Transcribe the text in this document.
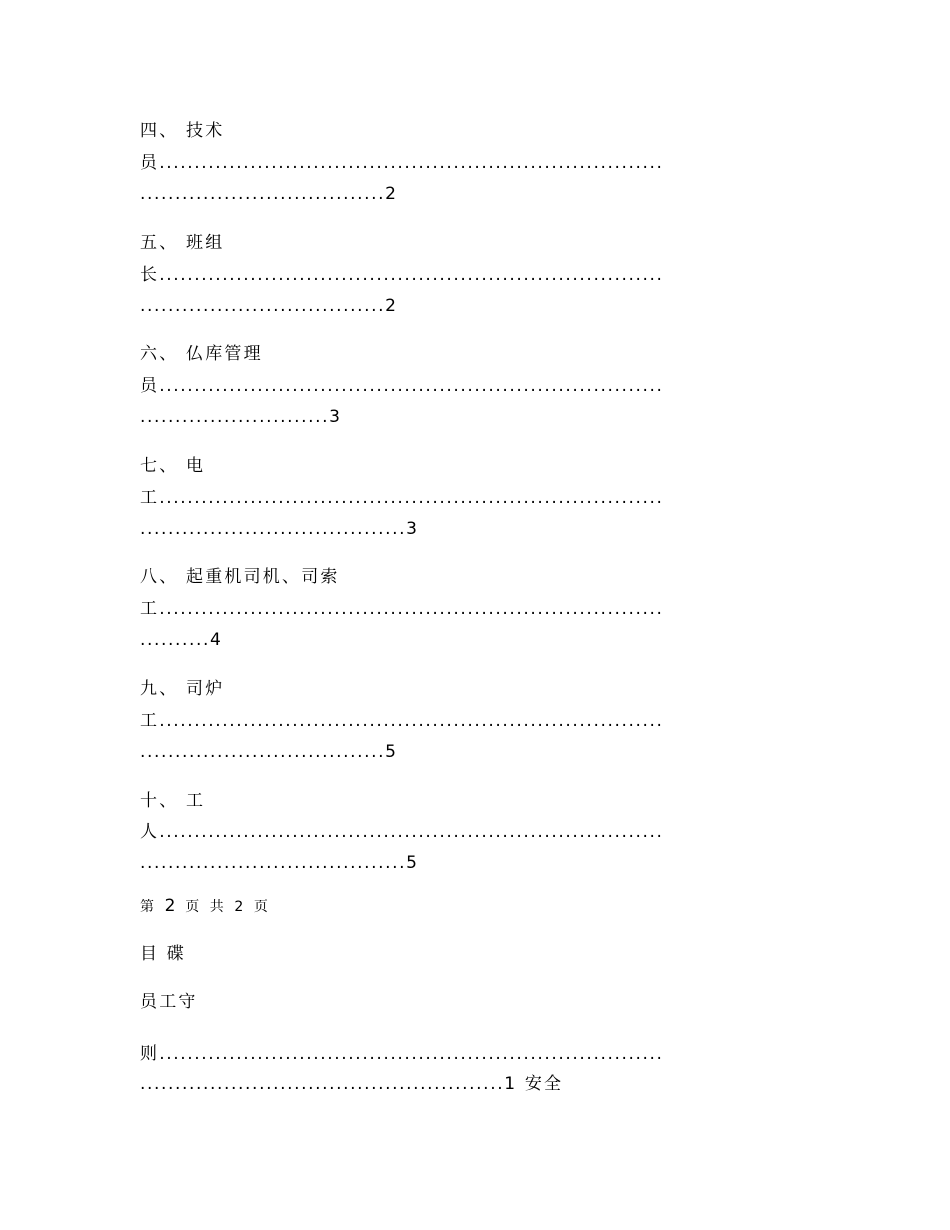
四、 技术
员........................................................................
...................................2
五、 班组
长........................................................................
...................................2
六、 仏库管理
员........................................................................
...........................3
七、 电
工........................................................................
......................................3
八、 起重机司机、司索
工........................................................................
..........4
九、 司炉
工........................................................................
...................................5
十、 工
人........................................................................
......................................5
第 2 页 共 2 页
目 碟
员工守
则........................................................................
....................................................1 安全
